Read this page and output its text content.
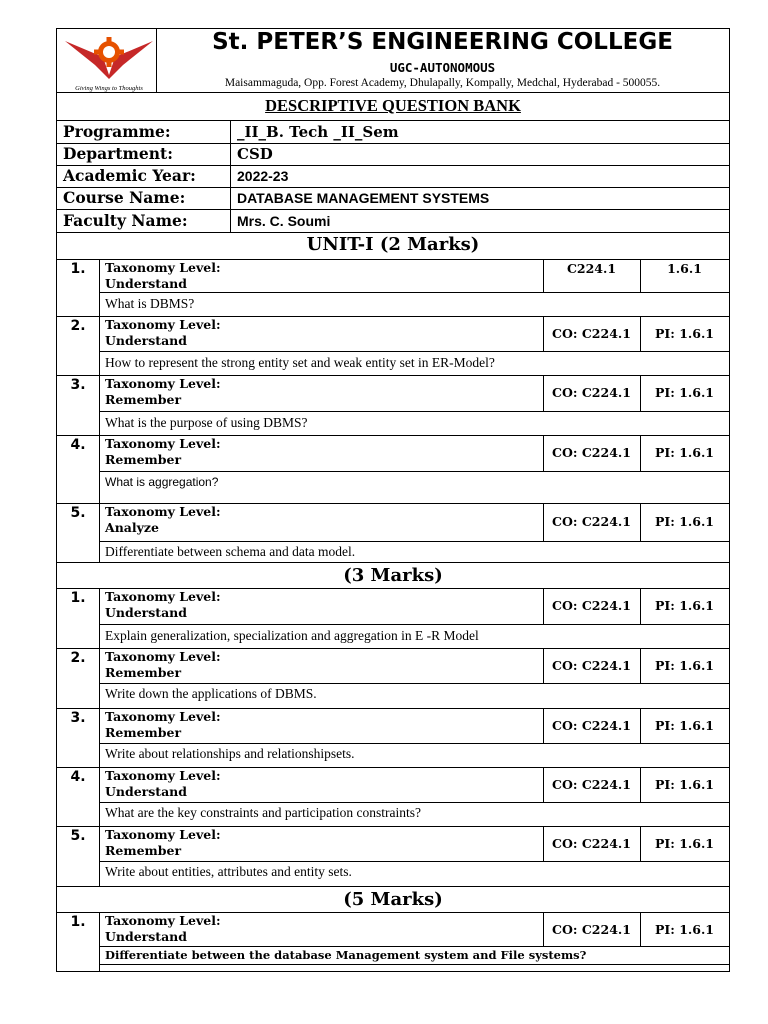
Giving Wings to Thoughts
St. PETER’S ENGINEERING COLLEGE
UGC-AUTONOMOUS
Maisammaguda, Opp. Forest Academy, Dhulapally, Kompally, Medchal, Hyderabad - 500055.
DESCRIPTIVE QUESTION BANK
Programme:	_II_B. Tech _II_Sem
Department:	CSD
Academic Year:	2022-23
Course Name:	DATABASE MANAGEMENT SYSTEMS
Faculty Name:	Mrs. C. Soumi
UNIT-I (2 Marks)
1.	Taxonomy Level:
Understand
C224.1	1.6.1
What is DBMS?
2.	Taxonomy Level:
Understand	CO: C224.1	PI: 1.6.1
How to represent the strong entity set and weak entity set in ER-Model?
3.	Taxonomy Level:
Remember	CO: C224.1	PI: 1.6.1
What is the purpose of using DBMS?
4.	Taxonomy Level:
Remember	CO: C224.1	PI: 1.6.1
What is aggregation?
5.	Taxonomy Level:
Analyze	CO: C224.1	PI: 1.6.1
Differentiate between schema and data model.
(3 Marks)
1.	Taxonomy Level:
Understand	CO: C224.1	PI: 1.6.1
Explain generalization, specialization and aggregation in E -R Model
2.	Taxonomy Level:
Remember	CO: C224.1	PI: 1.6.1
Write down the applications of DBMS.
3.	Taxonomy Level:
Remember	CO: C224.1	PI: 1.6.1
Write about relationships and relationshipsets.
4.	Taxonomy Level:
Understand	CO: C224.1	PI: 1.6.1
What are the key constraints and participation constraints?
5.	Taxonomy Level:
Remember	CO: C224.1	PI: 1.6.1
Write about entities, attributes and entity sets.
(5 Marks)
1.	Taxonomy Level:
Understand	CO: C224.1	PI: 1.6.1
Differentiate between the database Management system and File systems?
